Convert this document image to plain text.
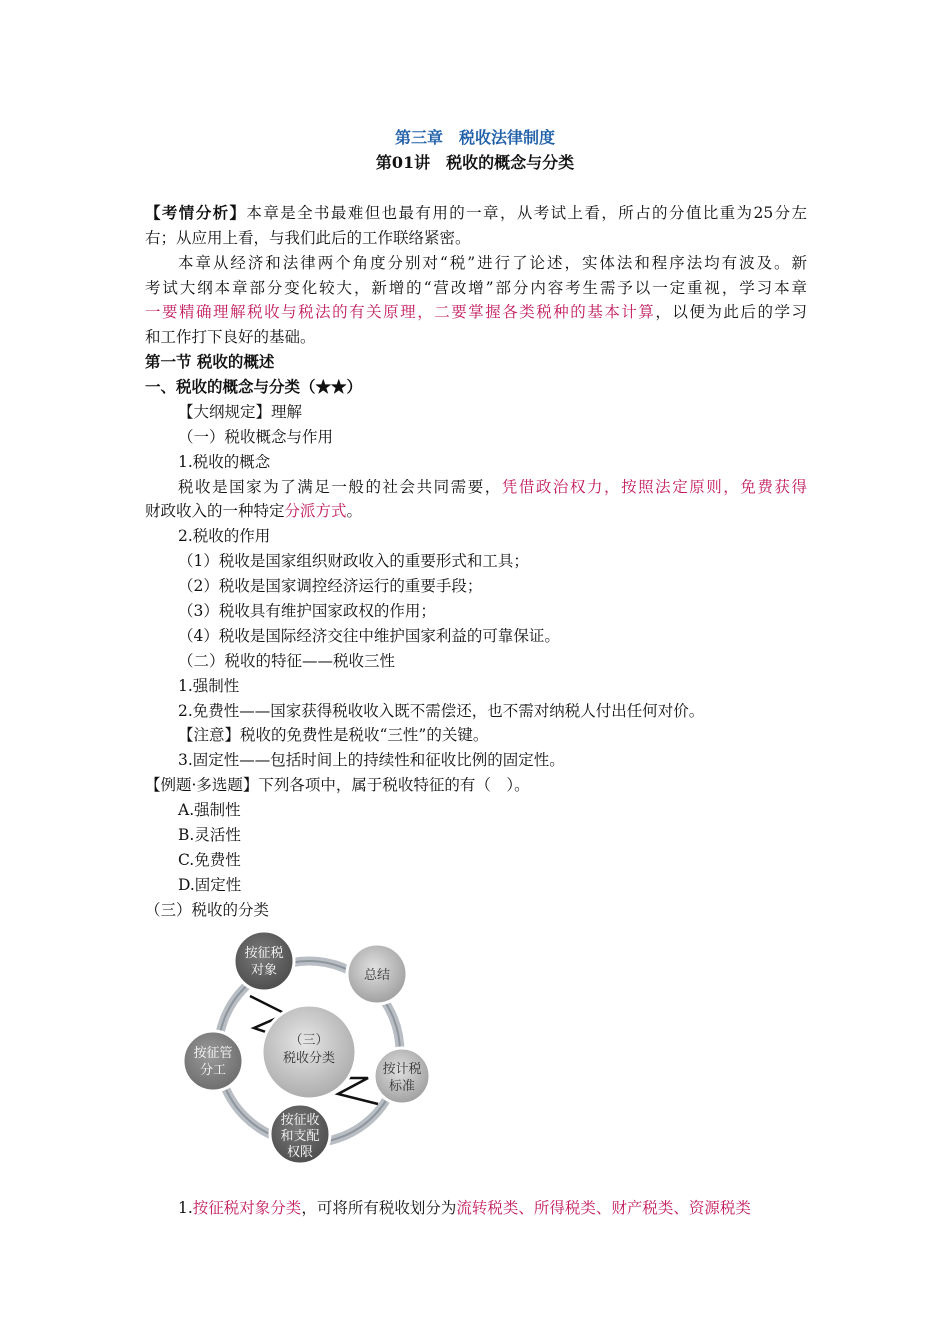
第三章　税收法律制度
第01讲　税收的概念与分类
【考情分析】本章是全书最难但也最有用的一章，从考试上看，所占的分值比重为25分左
右；从应用上看，与我们此后的工作联络紧密。
本章从经济和法律两个角度分别对“税”进行了论述，实体法和程序法均有波及。新
考试大纲本章部分变化较大，新增的“营改增”部分内容考生需予以一定重视，学习本章
一要精确理解税收与税法的有关原理，二要掌握各类税种的基本计算，以便为此后的学习
和工作打下良好的基础。
第一节 税收的概述
一、税收的概念与分类（★★）
【大纲规定】理解
（一）税收概念与作用
1.税收的概念
税收是国家为了满足一般的社会共同需要，凭借政治权力，按照法定原则，免费获得
财政收入的一种特定分派方式。
2.税收的作用
（1）税收是国家组织财政收入的重要形式和工具；
（2）税收是国家调控经济运行的重要手段；
（3）税收具有维护国家政权的作用；
（4）税收是国际经济交往中维护国家利益的可靠保证。
（二）税收的特征——税收三性
1.强制性
2.免费性——国家获得税收收入既不需偿还，也不需对纳税人付出任何对价。
【注意】税收的免费性是税收“三性”的关键。
3.固定性——包括时间上的持续性和征收比例的固定性。
【例题·多选题】下列各项中，属于税收特征的有（　）。
A.强制性
B.灵活性
C.免费性
D.固定性
（三）税收的分类
（三）
税收分类
按征税
对象	总结
按征管
分工	按计税
标准
按征收
和支配
权限
1.按征税对象分类，可将所有税收划分为流转税类、所得税类、财产税类、资源税类
